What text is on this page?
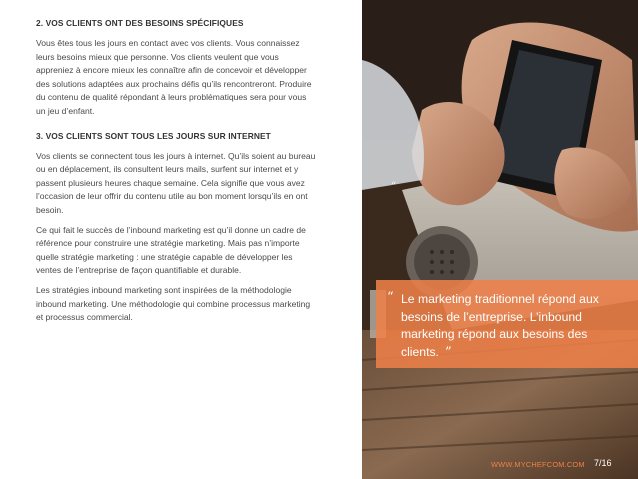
2. VOS CLIENTS ONT DES BESOINS SPÉCIFIQUES

Vous êtes tous les jours en contact avec vos clients. Vous connaissez leurs besoins mieux que personne. Vos clients veulent que vous appreniez à encore mieux les connaître afin de concevoir et développer des solutions adaptées aux prochains défis qu’ils rencontreront. Produire du contenu de qualité répondant à leurs problématiques sera pour vous un jeu d’enfant.

3. VOS CLIENTS SONT TOUS LES JOURS SUR INTERNET

Vos clients se connectent tous les jours à internet. Qu’ils soient au bureau ou en déplacement, ils consultent leurs mails, surfent sur internet et y passent plusieurs heures chaque semaine. Cela signifie que vous avez l’occasion de leur offrir du contenu utile au bon moment lorsqu’ils en ont besoin.

Ce qui fait le succès de l’inbound marketing est qu’il donne un cadre de référence pour construire une stratégie marketing. Mais pas n’importe quelle stratégie marketing : une stratégie capable de développer les ventes de l’entreprise de façon quantifiable et durable.

Les stratégies inbound marketing sont inspirées de la méthodologie inbound marketing. Une méthodologie qui combine processus marketing et processus commercial.

“
“ Le marketing traditionnel répond aux besoins de l’entreprise. L’inbound marketing répond aux besoins des clients. ”
WWW.MYCHEFCOM.COM 7/16
